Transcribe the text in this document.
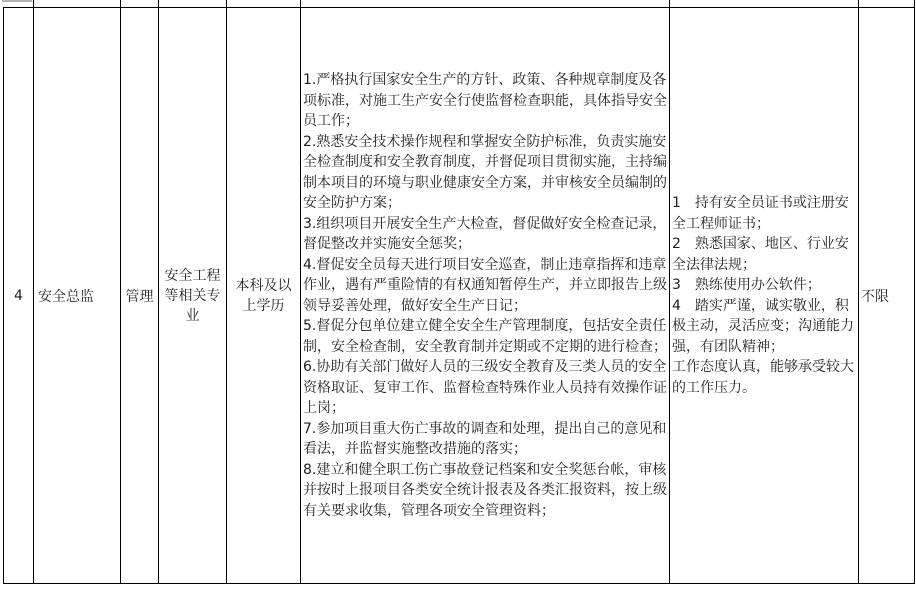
4 安全总监 管理
安全工程等相关专业
本科及以上学历
1.严格执行国家安全生产的方针、政策、各种规章制度及各项标准，对施工生产安全行使监督检查职能，具体指导安全员工作；
2.熟悉安全技术操作规程和掌握安全防护标准，负责实施安全检查制度和安全教育制度，并督促项目贯彻实施，主持编制本项目的环境与职业健康安全方案，并审核安全员编制的安全防护方案；
3.组织项目开展安全生产大检查，督促做好安全检查记录，督促整改并实施安全惩奖；
4.督促安全员每天进行项目安全巡查，制止违章指挥和违章作业，遇有严重险情的有权通知暂停生产，并立即报告上级领导妥善处理，做好安全生产日记；
5.督促分包单位建立健全安全生产管理制度，包括安全责任制，安全检查制，安全教育制并定期或不定期的进行检查；
6.协助有关部门做好人员的三级安全教育及三类人员的安全资格取证、复审工作、监督检查特殊作业人员持有效操作证上岗；
7.参加项目重大伤亡事故的调查和处理，提出自己的意见和看法，并监督实施整改措施的落实；
8.建立和健全职工伤亡事故登记档案和安全奖惩台帐，审核并按时上报项目各类安全统计报表及各类汇报资料，按上级有关要求收集，管理各项安全管理资料；
1　持有安全员证书或注册安全工程师证书；
2　熟悉国家、地区、行业安全法律法规；
3　熟练使用办公软件；
4　踏实严谨，诚实敬业，积极主动，灵活应变；沟通能力强，有团队精神；
工作态度认真，能够承受较大的工作压力。
不限
